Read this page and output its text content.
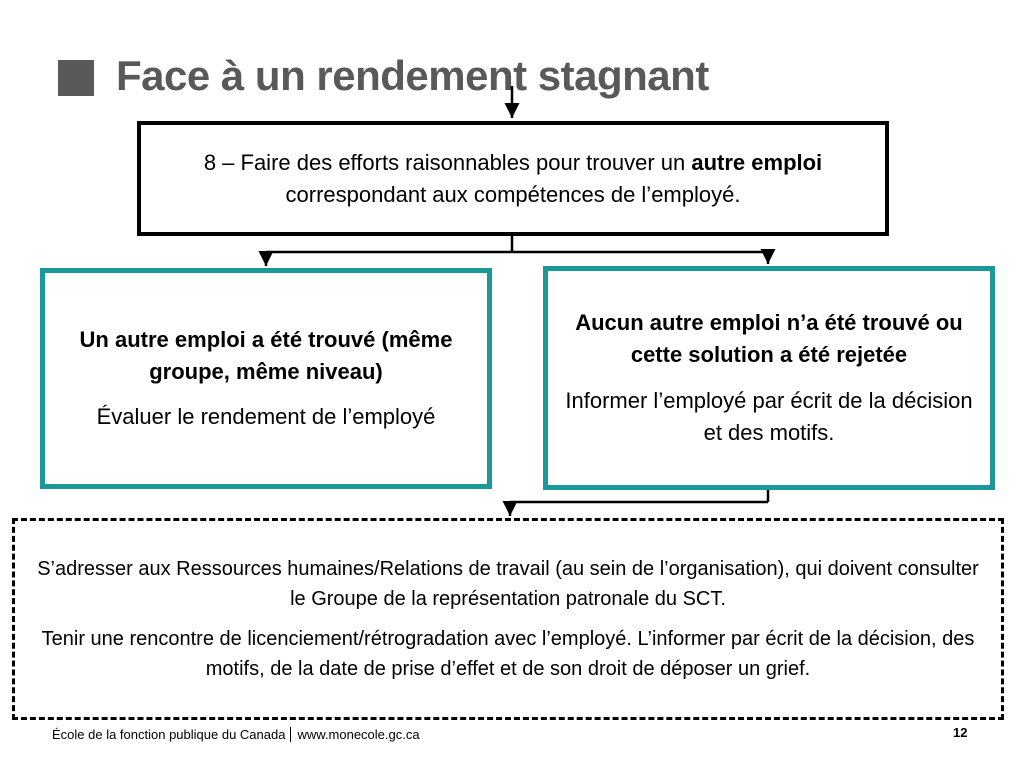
Face à un rendement stagnant

8 – Faire des efforts raisonnables pour trouver un autre emploi correspondant aux compétences de l’employé.

Un autre emploi a été trouvé (même groupe, même niveau)

Évaluer le rendement de l’employé

Aucun autre emploi n’a été trouvé ou cette solution a été rejetée

Informer l’employé par écrit de la décision et des motifs.

S’adresser aux Ressources humaines/Relations de travail (au sein de l’organisation), qui doivent consulter le Groupe de la représentation patronale du SCT.

Tenir une rencontre de licenciement/rétrogradation avec l’employé. L’informer par écrit de la décision, des motifs, de la date de prise d’effet et de son droit de déposer un grief.

École de la fonction publique du Canada www.monecole.gc.ca	12
